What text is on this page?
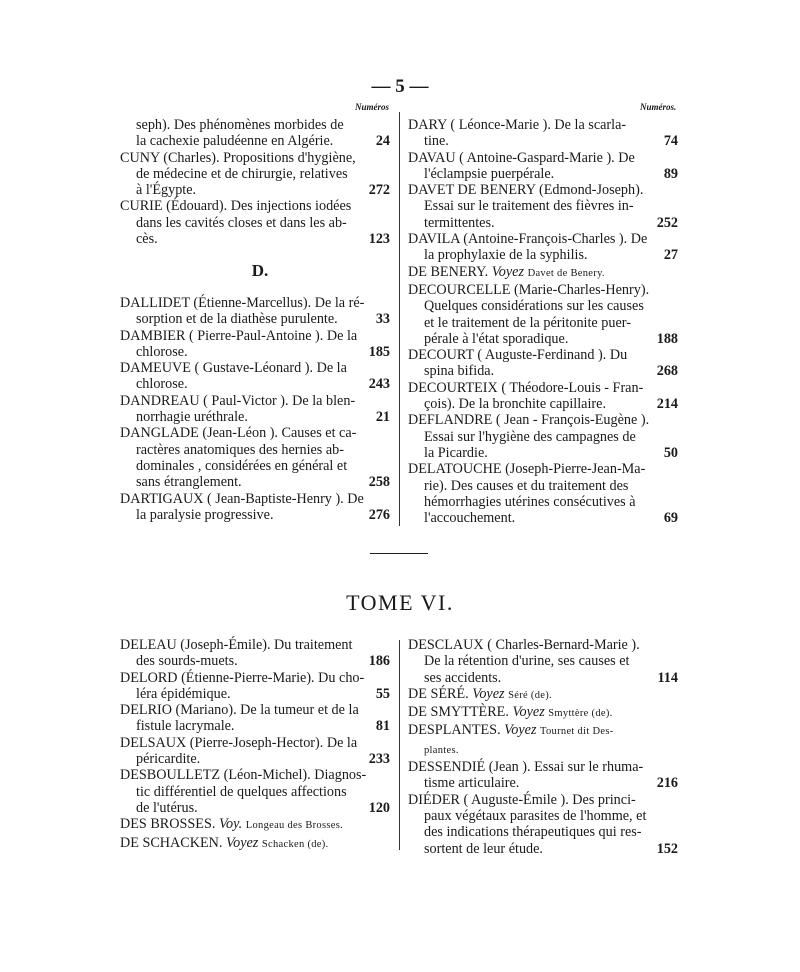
— 5 —
Numéros	Numéros.
seph). Des phénomènes morbides de
la cachexie paludéenne en Algérie.	24
CUNY (Charles). Propositions d'hygiène,
de médecine et de chirurgie, relatives
à l'Égypte.	272
CURIE (Édouard). Des injections iodées
dans les cavités closes et dans les ab-
cès.	123
D.
DALLIDET (Étienne-Marcellus). De la ré-
sorption et de la diathèse purulente.	33
DAMBIER ( Pierre-Paul-Antoine ). De la
chlorose.	185
DAMEUVE ( Gustave-Léonard ). De la
chlorose.	243
DANDREAU ( Paul-Victor ). De la blen-
norrhagie uréthrale.	21
DANGLADE (Jean-Léon ). Causes et ca-
ractères anatomiques des hernies ab-
dominales , considérées en général et
sans étranglement.	258
DARTIGAUX ( Jean-Baptiste-Henry ). De
la paralysie progressive.	276
DARY ( Léonce-Marie ). De la scarla-
tine.	74
DAVAU ( Antoine-Gaspard-Marie ). De
l'éclampsie puerpérale.	89
DAVET DE BENERY (Edmond-Joseph).
Essai sur le traitement des fièvres in-
termittentes.	252
DAVILA (Antoine-François-Charles ). De
la prophylaxie de la syphilis.	27
DE BENERY. Voyez Davet de Benery.
DECOURCELLE (Marie-Charles-Henry).
Quelques considérations sur les causes
et le traitement de la péritonite puer-
pérale à l'état sporadique.	188
DECOURT ( Auguste-Ferdinand ). Du
spina bifida.	268
DECOURTEIX ( Théodore-Louis - Fran-
çois). De la bronchite capillaire.	214
DEFLANDRE ( Jean - François-Eugène ).
Essai sur l'hygiène des campagnes de
la Picardie.	50
DELATOUCHE (Joseph-Pierre-Jean-Ma-
rie). Des causes et du traitement des
hémorrhagies utérines consécutives à
l'accouchement.	69
TOME VI.
DELEAU (Joseph-Émile). Du traitement
des sourds-muets.	186
DELORD (Étienne-Pierre-Marie). Du cho-
léra épidémique.	55
DELRIO (Mariano). De la tumeur et de la
fistule lacrymale.	81
DELSAUX (Pierre-Joseph-Hector). De la
péricardite.	233
DESBOULLETZ (Léon-Michel). Diagnos-
tic différentiel de quelques affections
de l'utérus.	120
DES BROSSES. Voy. Longeau des Brosses.
DE SCHACKEN. Voyez Schacken (de).
DESCLAUX ( Charles-Bernard-Marie ).
De la rétention d'urine, ses causes et
ses accidents.	114
DE SÉRÉ. Voyez Séré (de).
DE SMYTTÈRE. Voyez Smyttère (de).
DESPLANTES. Voyez Tournet dit Des-
plantes.
DESSENDIÉ (Jean ). Essai sur le rhuma-
tisme articulaire.	216
DIÉDER ( Auguste-Émile ). Des princi-
paux végétaux parasites de l'homme, et
des indications thérapeutiques qui res-
sortent de leur étude.	152
